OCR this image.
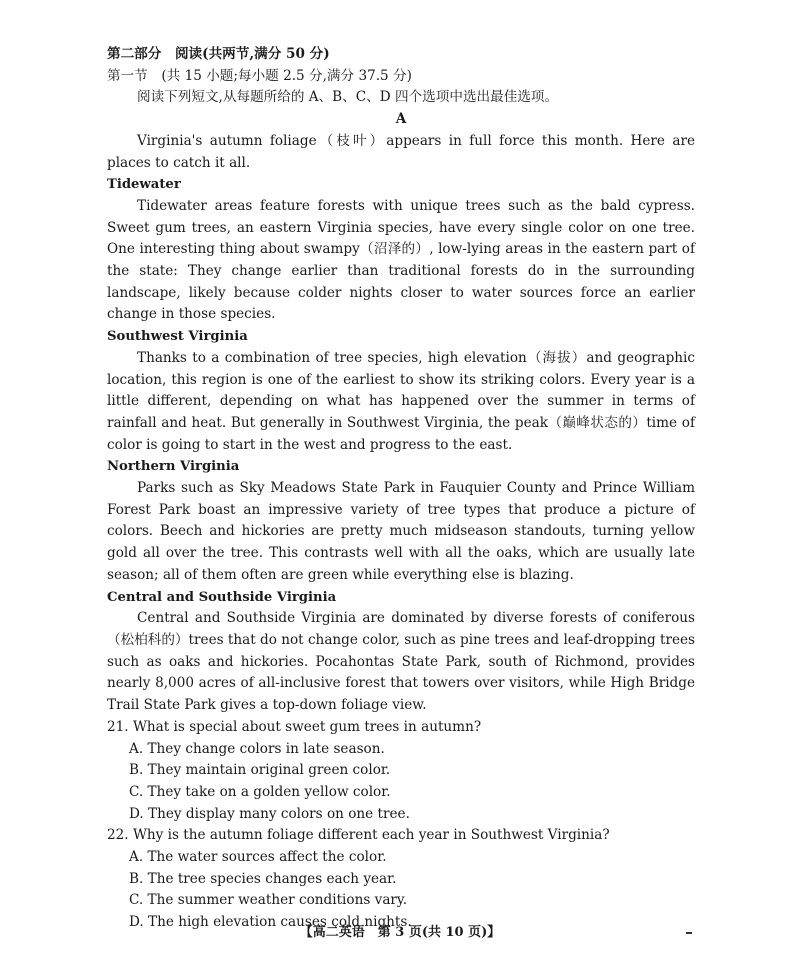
第二部分　阅读(共两节,满分 50 分)
第一节　(共 15 小题;每小题 2.5 分,满分 37.5 分)
阅读下列短文,从每题所给的 A、B、C、D 四个选项中选出最佳选项。
A
Virginia's autumn foliage（枝叶）appears in full force this month. Here are places to catch it all.
Tidewater
Tidewater areas feature forests with unique trees such as the bald cypress. Sweet gum trees, an eastern Virginia species, have every single color on one tree. One interesting thing about swampy（沼泽的）, low-lying areas in the eastern part of the state: They change earlier than traditional forests do in the surrounding landscape, likely because colder nights closer to water sources force an earlier change in those species.
Southwest Virginia
Thanks to a combination of tree species, high elevation（海拔）and geographic location, this region is one of the earliest to show its striking colors. Every year is a little different, depending on what has happened over the summer in terms of rainfall and heat. But generally in Southwest Virginia, the peak（巅峰状态的）time of color is going to start in the west and progress to the east.
Northern Virginia
Parks such as Sky Meadows State Park in Fauquier County and Prince William Forest Park boast an impressive variety of tree types that produce a picture of colors. Beech and hickories are pretty much midseason standouts, turning yellow gold all over the tree. This contrasts well with all the oaks, which are usually late season; all of them often are green while everything else is blazing.
Central and Southside Virginia
Central and Southside Virginia are dominated by diverse forests of coniferous（松柏科的）trees that do not change color, such as pine trees and leaf-dropping trees such as oaks and hickories. Pocahontas State Park, south of Richmond, provides nearly 8,000 acres of all-inclusive forest that towers over visitors, while High Bridge Trail State Park gives a top-down foliage view.
21. What is special about sweet gum trees in autumn?
A. They change colors in late season.
B. They maintain original green color.
C. They take on a golden yellow color.
D. They display many colors on one tree.
22. Why is the autumn foliage different each year in Southwest Virginia?
A. The water sources affect the color.
B. The tree species changes each year.
C. The summer weather conditions vary.
D. The high elevation causes cold nights.
【高二英语　第 3 页(共 10 页)】
